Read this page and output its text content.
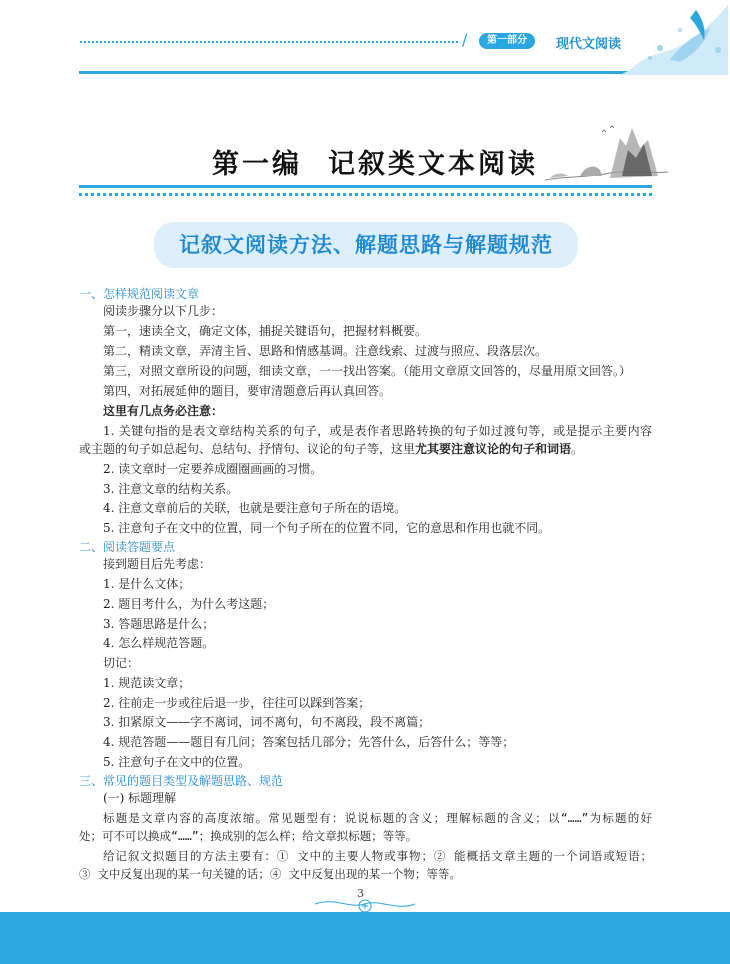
/	第一部分	现代文阅读
第一编 记叙类文本阅读
记叙文阅读方法、解题思路与解题规范
一、怎样规范阅读文章
阅读步骤分以下几步：
第一，速读全文，确定文体，捕捉关键语句，把握材料概要。
第二，精读文章，弄清主旨、思路和情感基调。注意线索、过渡与照应、段落层次。
第三，对照文章所设的问题，细读文章，一一找出答案。（能用文章原文回答的，尽量用原文回答。）
第四，对拓展延伸的题目，要审清题意后再认真回答。
这里有几点务必注意：
1. 关键句指的是表文章结构关系的句子，或是表作者思路转换的句子如过渡句等，或是提示主要内容
或主题的句子如总起句、总结句、抒情句、议论的句子等，这里尤其要注意议论的句子和词语。
2. 读文章时一定要养成圈圈画画的习惯。
3. 注意文章的结构关系。
4. 注意文章前后的关联，也就是要注意句子所在的语境。
5. 注意句子在文中的位置，同一个句子所在的位置不同，它的意思和作用也就不同。
二、阅读答题要点
接到题目后先考虑：
1. 是什么文体；
2. 题目考什么，为什么考这题；
3. 答题思路是什么；
4. 怎么样规范答题。
切记：
1. 规范读文章；
2. 往前走一步或往后退一步，往往可以踩到答案；
3. 扣紧原文——字不离词，词不离句，句不离段，段不离篇；
4. 规范答题——题目有几问；答案包括几部分；先答什么，后答什么；等等；
5. 注意句子在文中的位置。
三、常见的题目类型及解题思路、规范
(一) 标题理解
标题是文章内容的高度浓缩。常见题型有：说说标题的含义；理解标题的含义；以“……”为标题的好
处；可不可以换成“……”；换成别的怎么样；给文章拟标题；等等。
给记叙文拟题目的方法主要有：① 文中的主要人物或事物；② 能概括文章主题的一个词语或短语；
③ 文中反复出现的某一句关键的话；④ 文中反复出现的某一个物；等等。
3
